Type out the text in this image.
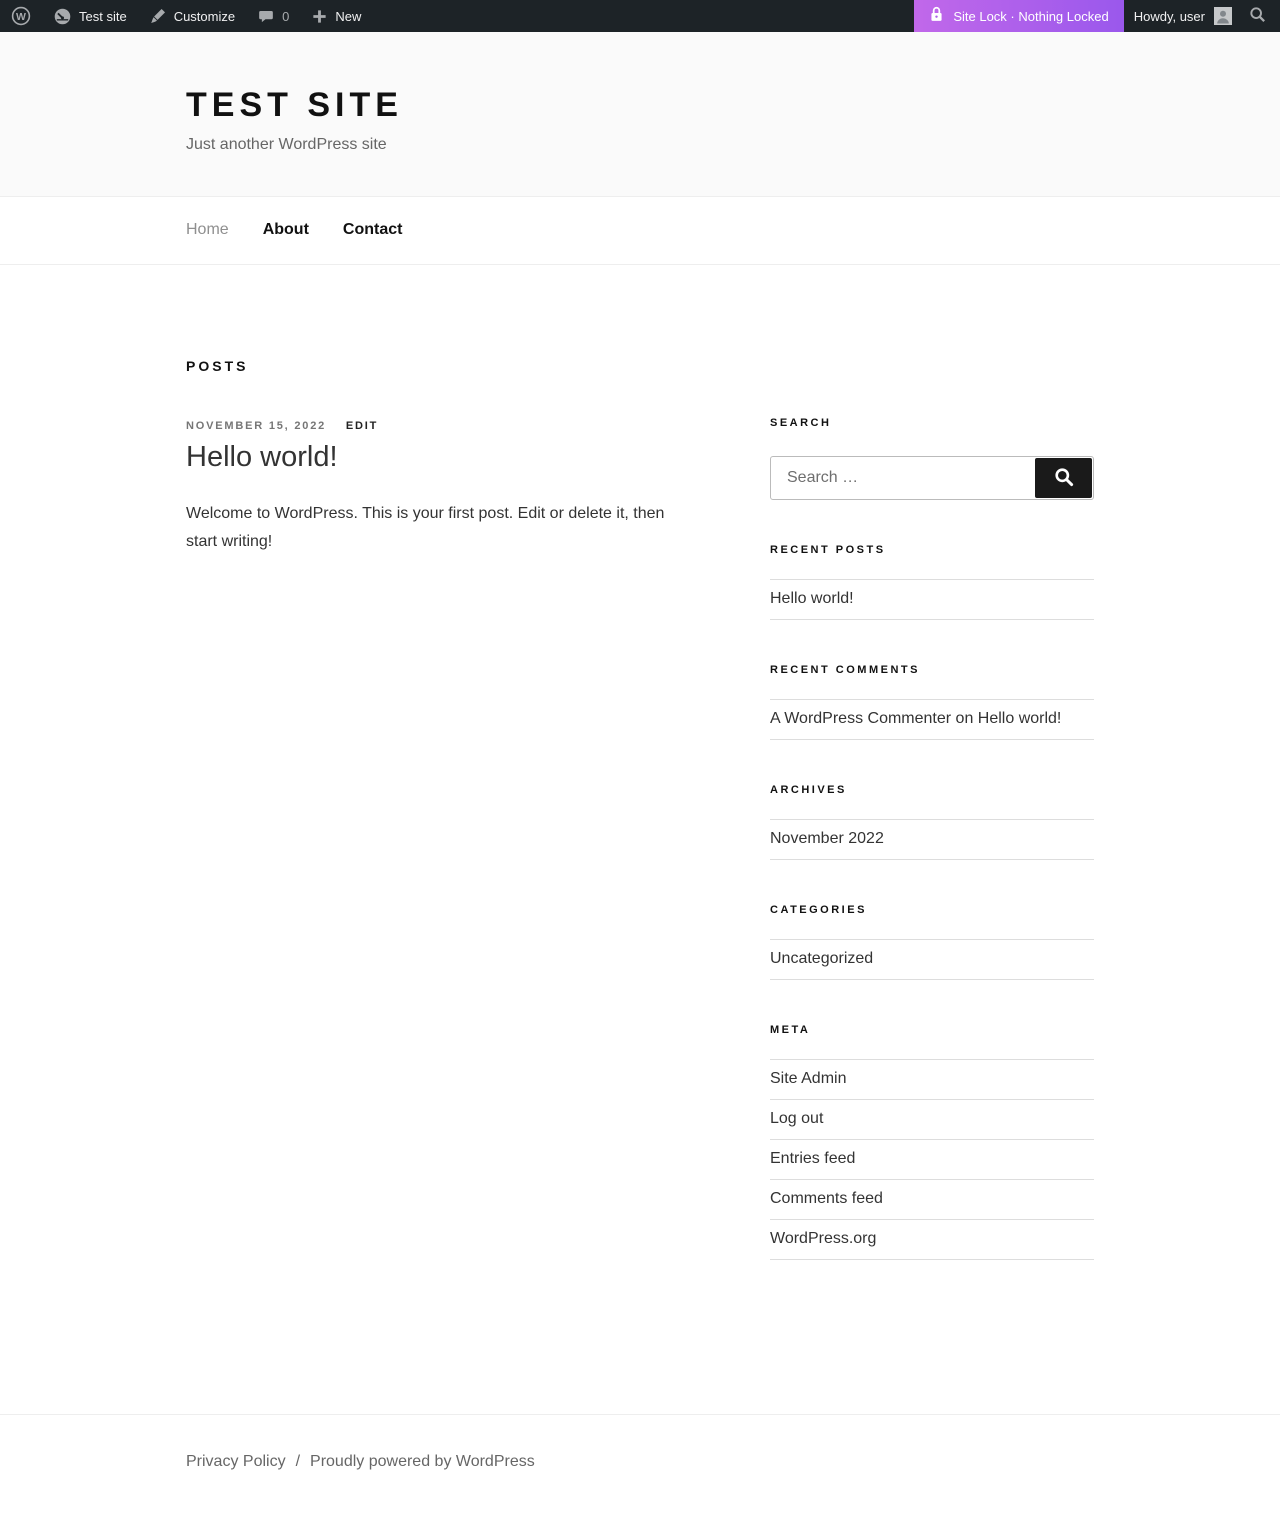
W	Test site	Customize	0	New	Site Lock · Nothing Locked Howdy, user
TEST SITE

Just another WordPress site

Home About Contact
POSTS
NOVEMBER 15, 2022 EDIT
Hello world!

Welcome to WordPress. This is your first post. Edit or delete it, then start writing!

SEARCH
Search …
RECENT POSTS
Hello world!
RECENT COMMENTS
A WordPress Commenter on Hello world!
ARCHIVES
November 2022
CATEGORIES
Uncategorized
META
Site Admin
Log out
Entries feed
Comments feed
WordPress.org
Privacy Policy / Proudly powered by WordPress
